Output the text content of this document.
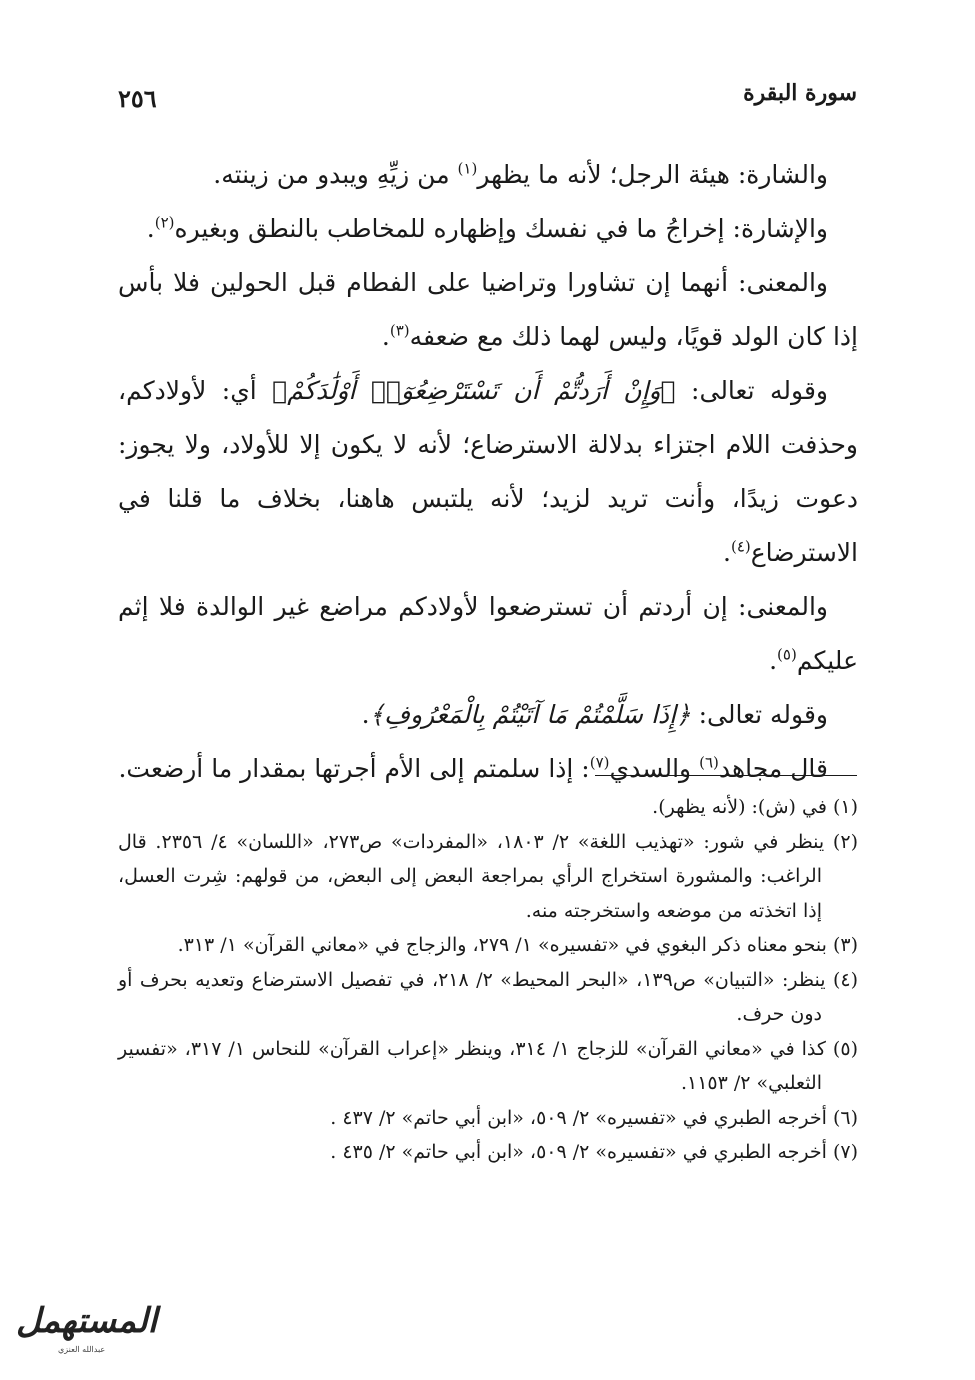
٢٥٦	سورة البقرة

والشارة: هيئة الرجل؛ لأنه ما يظهر$^{(١)}$ من زيِّهِ ويبدو من زينته.

والإشارة: إخراجُ ما في نفسك وإظهاره للمخاطب بالنطق وبغيره$^{(٢)}$.

والمعنى: أنهما إن تشاورا وتراضيا على الفطام قبل الحولين فلا بأس إذا كان الولد قويًا، وليس لهما ذلك مع ضعفه$^{(٣)}$.

وقوله تعالى: ﴿وَإِنْ أَرَدتُّمْ أَن تَسْتَرْضِعُوٓا۟ أَوْلَٰدَكُمْ﴾ أي: لأولادكم، وحذفت اللام اجتزاء بدلالة الاسترضاع؛ لأنه لا يكون إلا للأولاد، ولا يجوز: دعوت زيدًا، وأنت تريد لزيد؛ لأنه يلتبس هاهنا، بخلاف ما قلنا في الاسترضاع$^{(٤)}$.

والمعنى: إن أردتم أن تسترضعوا لأولادكم مراضع غير الوالدة فلا إثم عليكم$^{(٥)}$.

وقوله تعالى: ﴿إِذَا سَلَّمْتُمْ مَا آتَيْتُمْ بِالْمَعْرُوفِ﴾.

قال مجاهد$^{(٦)}$ والسدي$^{(٧)}$: إذا سلمتم إلى الأم أجرتها بمقدار ما أرضعت.

(١) في (ش): (لأنه يظهر).

(٢) ينظر في شور: «تهذيب اللغة» ٢/ ١٨٠٣، «المفردات» ص٢٧٣، «اللسان» ٤/ ٢٣٥٦. قال الراغب: والمشورة استخراج الرأي بمراجعة البعض إلى البعض، من قولهم: شِرت العسل، إذا اتخذته من موضعه واستخرجته منه.

(٣) بنحو معناه ذكر البغوي في «تفسيره» ١/ ٢٧٩، والزجاج في «معاني القرآن» ١/ ٣١٣.

(٤) ينظر: «التبيان» ص١٣٩، «البحر المحيط» ٢/ ٢١٨، في تفصيل الاسترضاع وتعديه بحرف أو دون حرف.

(٥) كذا في «معاني القرآن» للزجاج ١/ ٣١٤، وينظر «إعراب القرآن» للنحاس ١/ ٣١٧، «تفسير الثعلبي» ٢/ ١١٥٣.

(٦) أخرجه الطبري في «تفسيره» ٢/ ٥٠٩، «ابن أبي حاتم» ٢/ ٤٣٧ .

(٧) أخرجه الطبري في «تفسيره» ٢/ ٥٠٩، «ابن أبي حاتم» ٢/ ٤٣٥ .

المستهمل
عبدالله العنزي
